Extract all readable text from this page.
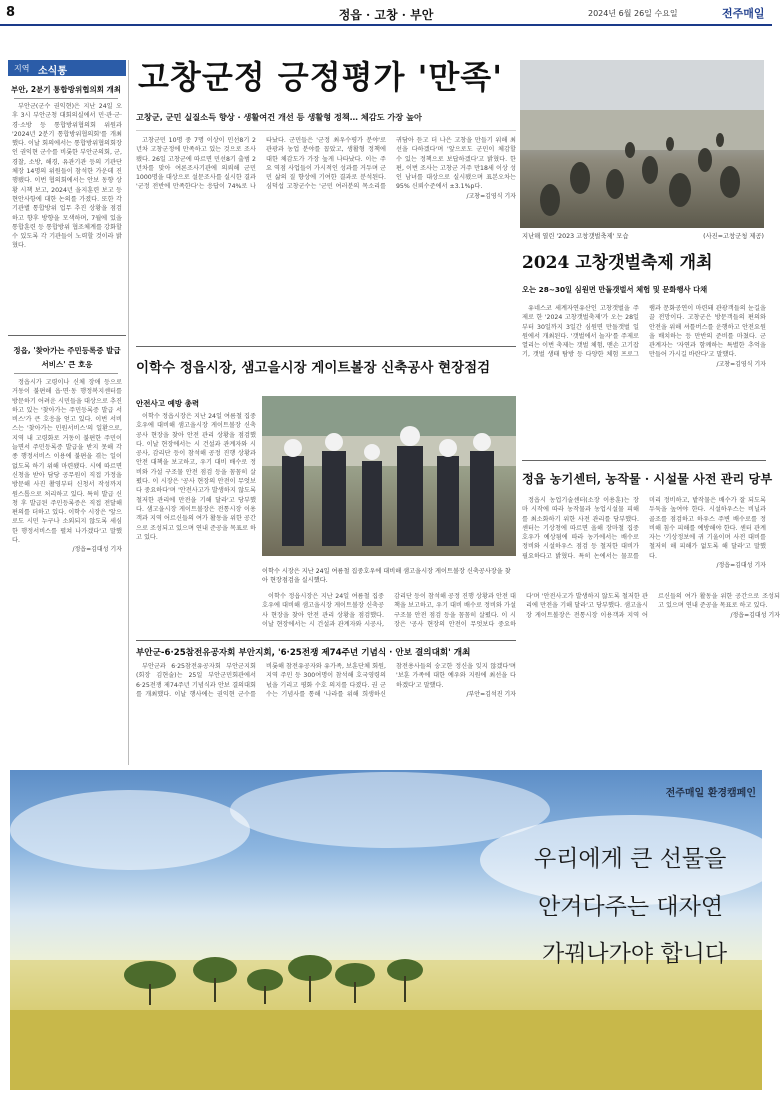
8	정읍 · 고창 · 부안	2024년 6월 26일 수요일	전주매일
지역 소식통
부안, 2분기 통합방위협의회 개최

부안군(군수 권익현)은 지난 24일 오후 3시 부안군청 대회의실에서 민·관·군·경·소방 등 통합방위협의회 위원과 '2024년 2분기 통합방위협의회'를 개최했다. 이날 회의에서는 통합방위협의회장인 권익현 군수를 비롯한 부안군의회, 군, 경찰, 소방, 해경, 유관기관 등의 기관단체장 14명의 위원들이 참석한 가운데 진행됐다. 이번 협의회에서는 안보 동향 상황 시책 보고, 2024년 을지훈련 보고 등 현안사항에 대한 논의를 가졌다. 또한 각 기관별 통합방위 업무 추진 상황을 점검하고 향후 방향을 모색하며, 7월에 있을 통합훈련 등 통합방위 협조체계를 강화할 수 있도록 각 기관들이 노력할 것이라 밝혔다.

정읍, '찾아가는 주민등록증 발급 서비스' 큰 호응

정읍시가 고령이나 신체 장애 등으로 거동이 불편해 읍·면·동 행정복지센터를 방문하기 어려운 시민들을 대상으로 추진하고 있는 '찾아가는 주민등록증 발급 서비스'가 큰 호응을 얻고 있다. 이번 서비스는 '찾아가는 민원서비스'의 일환으로, 지역 내 고령화로 거동이 불편한 주민이 늘면서 주민등록증 발급을 받지 못해 각종 행정서비스 이용에 불편을 겪는 일이 없도록 하기 위해 마련됐다. 시에 따르면 신청을 받아 담당 공무원이 직접 가정을 방문해 사진 촬영부터 신청서 작성까지 원스톱으로 처리하고 있다. 특히 발급 신청 후 발급된 주민등록증은 직접 전달해 편의를 더하고 있다. 이학수 시장은 '앞으로도 시민 누구나 소외되지 않도록 세심한 행정서비스를 펼쳐 나가겠다'고 말했다.

/정읍=김대성 기자
고창군정 긍정평가 '만족'
고창군, 군민 실질소득 향상 · 생활여건 개선 등 생활형 정책… 체감도 가장 높아

고창군민 10명 중 7명 이상이 민선8기 2년차 고창군정에 만족하고 있는 것으로 조사됐다. 26일 고창군에 따르면 민선8기 출범 2년차를 맞아 여론조사기관에 의뢰해 군민 1000명을 대상으로 설문조사를 실시한 결과 '군정 전반에 만족한다'는 응답이 74%로 나타났다. 군민들은 '군정 최우수평가 분야'로 관광과 농업 분야를 꼽았고, 생활형 정책에 대한 체감도가 가장 높게 나타났다. 이는 주요 역점 사업들이 가시적인 성과를 거두며 군민 삶의 질 향상에 기여한 결과로 분석된다. 심덕섭 고창군수는 '군민 여러분의 목소리를 귀담아 듣고 더 나은 고창을 만들기 위해 최선을 다하겠다'며 '앞으로도 군민이 체감할 수 있는 정책으로 보답하겠다'고 밝혔다. 한편, 이번 조사는 고창군 거주 만18세 이상 성인 남녀를 대상으로 실시됐으며 표본오차는 95% 신뢰수준에서 ±3.1%p다.

/고창=김영식 기자
지난해 열린 '2023 고창갯벌축제' 모습	(사진=고창군청 제공)
2024 고창갯벌축제 개최
오는 28~30일 심원면 만돌갯벌서 체험 및 문화행사 다채

유네스코 세계자연유산인 고창갯벌을 주제로 한 '2024 고창갯벌축제'가 오는 28일부터 30일까지 3일간 심원면 만돌갯벌 일원에서 개최된다. '갯벌에서 놀자'를 주제로 열리는 이번 축제는 갯벌 체험, 맨손 고기잡기, 갯벌 생태 탐방 등 다양한 체험 프로그램과 문화공연이 마련돼 관광객들의 눈길을 끌 전망이다. 고창군은 방문객들의 편의와 안전을 위해 셔틀버스를 운행하고 안전요원을 배치하는 등 만반의 준비를 마쳤다. 군 관계자는 '자연과 함께하는 특별한 추억을 만들어 가시길 바란다'고 말했다.

/고창=김영식 기자
이학수 정읍시장, 샘고을시장 게이트볼장 신축공사 현장점검
안전사고 예방 총력

이학수 정읍시장은 지난 24일 여름철 집중호우에 대비해 샘고을시장 게이트볼장 신축공사 현장을 찾아 안전 관리 상황을 점검했다. 이날 현장에서는 시 건설과 관계자와 시공사, 감리단 등이 참석해 공정 진행 상황과 안전 대책을 보고하고, 우기 대비 배수로 정비와 가설 구조물 안전 점검 등을 꼼꼼히 살폈다. 이 시장은 '공사 현장의 안전이 무엇보다 중요하다'며 '안전사고가 발생하지 않도록 철저한 관리에 만전을 기해 달라'고 당부했다. 샘고을시장 게이트볼장은 전통시장 이용객과 지역 어르신들의 여가 활동을 위한 공간으로 조성되고 있으며 연내 준공을 목표로 하고 있다.

이학수 시장은 지난 24일 여름철 집중호우에 대비해 샘고을시장 게이트볼장 신축공사장을 찾아 현장점검을 실시했다.

이학수 정읍시장은 지난 24일 여름철 집중호우에 대비해 샘고을시장 게이트볼장 신축공사 현장을 찾아 안전 관리 상황을 점검했다. 이날 현장에서는 시 건설과 관계자와 시공사, 감리단 등이 참석해 공정 진행 상황과 안전 대책을 보고하고, 우기 대비 배수로 정비와 가설 구조물 안전 점검 등을 꼼꼼히 살폈다. 이 시장은 '공사 현장의 안전이 무엇보다 중요하다'며 '안전사고가 발생하지 않도록 철저한 관리에 만전을 기해 달라'고 당부했다. 샘고을시장 게이트볼장은 전통시장 이용객과 지역 어르신들의 여가 활동을 위한 공간으로 조성되고 있으며 연내 준공을 목표로 하고 있다.

/정읍=김대성 기자
정읍 농기센터, 농작물 · 시설물 사전 관리 당부

정읍시 농업기술센터(소장 이용훈)는 장마 시작에 따라 농작물과 농업시설물 피해를 최소화하기 위한 사전 관리를 당부했다. 센터는 기상청에 따르면 올해 장마철 집중호우가 예상됨에 따라 농가에서는 배수로 정비와 시설하우스 점검 등 철저한 대비가 필요하다고 밝혔다. 특히 논에서는 물꼬를 미리 정비하고, 밭작물은 배수가 잘 되도록 두둑을 높여야 한다. 시설하우스는 비닐과 골조를 점검하고 하우스 주변 배수로를 정비해 침수 피해를 예방해야 한다. 센터 관계자는 '기상정보에 귀 기울이며 사전 대비를 철저히 해 피해가 없도록 해 달라'고 말했다.

/정읍=김대성 기자
부안군-6·25참전유공자회 부안지회, '6·25전쟁 제74주년 기념식 · 안보 결의대회' 개최

부안군과 6·25참전유공자회 부안군지회(회장 김현술)는 25일 부안군민회관에서 6·25전쟁 제74주년 기념식과 안보 결의대회를 개최했다. 이날 행사에는 권익현 군수를 비롯해 참전유공자와 유가족, 보훈단체 회원, 지역 주민 등 300여명이 참석해 호국영령의 넋을 기리고 평화 수호 의지를 다졌다. 권 군수는 기념사를 통해 '나라를 위해 희생하신 참전용사들의 숭고한 정신을 잊지 않겠다'며 '보훈 가족에 대한 예우와 지원에 최선을 다하겠다'고 말했다.

/부안=김석진 기자
전주매일 환경캠페인
우리에게 큰 선물을
안겨다주는 대자연
가꿔나가야 합니다
